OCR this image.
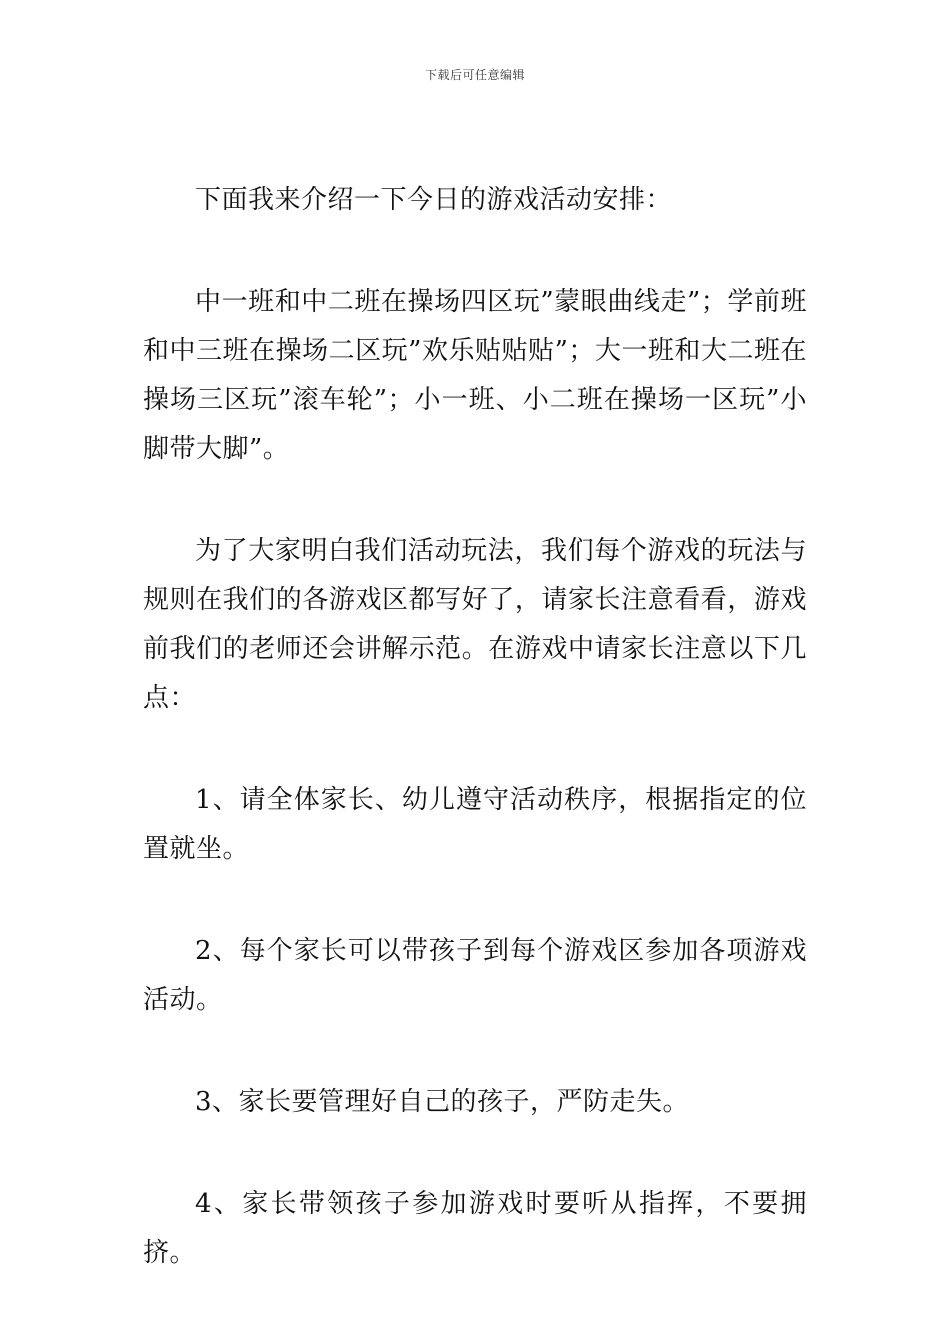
下载后可任意编辑

下面我来介绍一下今日的游戏活动安排：

中一班和中二班在操场四区玩”蒙眼曲线走”；学前班和中三班在操场二区玩”欢乐贴贴贴”；大一班和大二班在操场三区玩”滚车轮”；小一班、小二班在操场一区玩”小脚带大脚”。

为了大家明白我们活动玩法，我们每个游戏的玩法与规则在我们的各游戏区都写好了，请家长注意看看，游戏前我们的老师还会讲解示范。在游戏中请家长注意以下几点：

1、请全体家长、幼儿遵守活动秩序，根据指定的位置就坐。

2、每个家长可以带孩子到每个游戏区参加各项游戏活动。

3、家长要管理好自己的孩子，严防走失。

4、家长带领孩子参加游戏时要听从指挥，不要拥挤。
